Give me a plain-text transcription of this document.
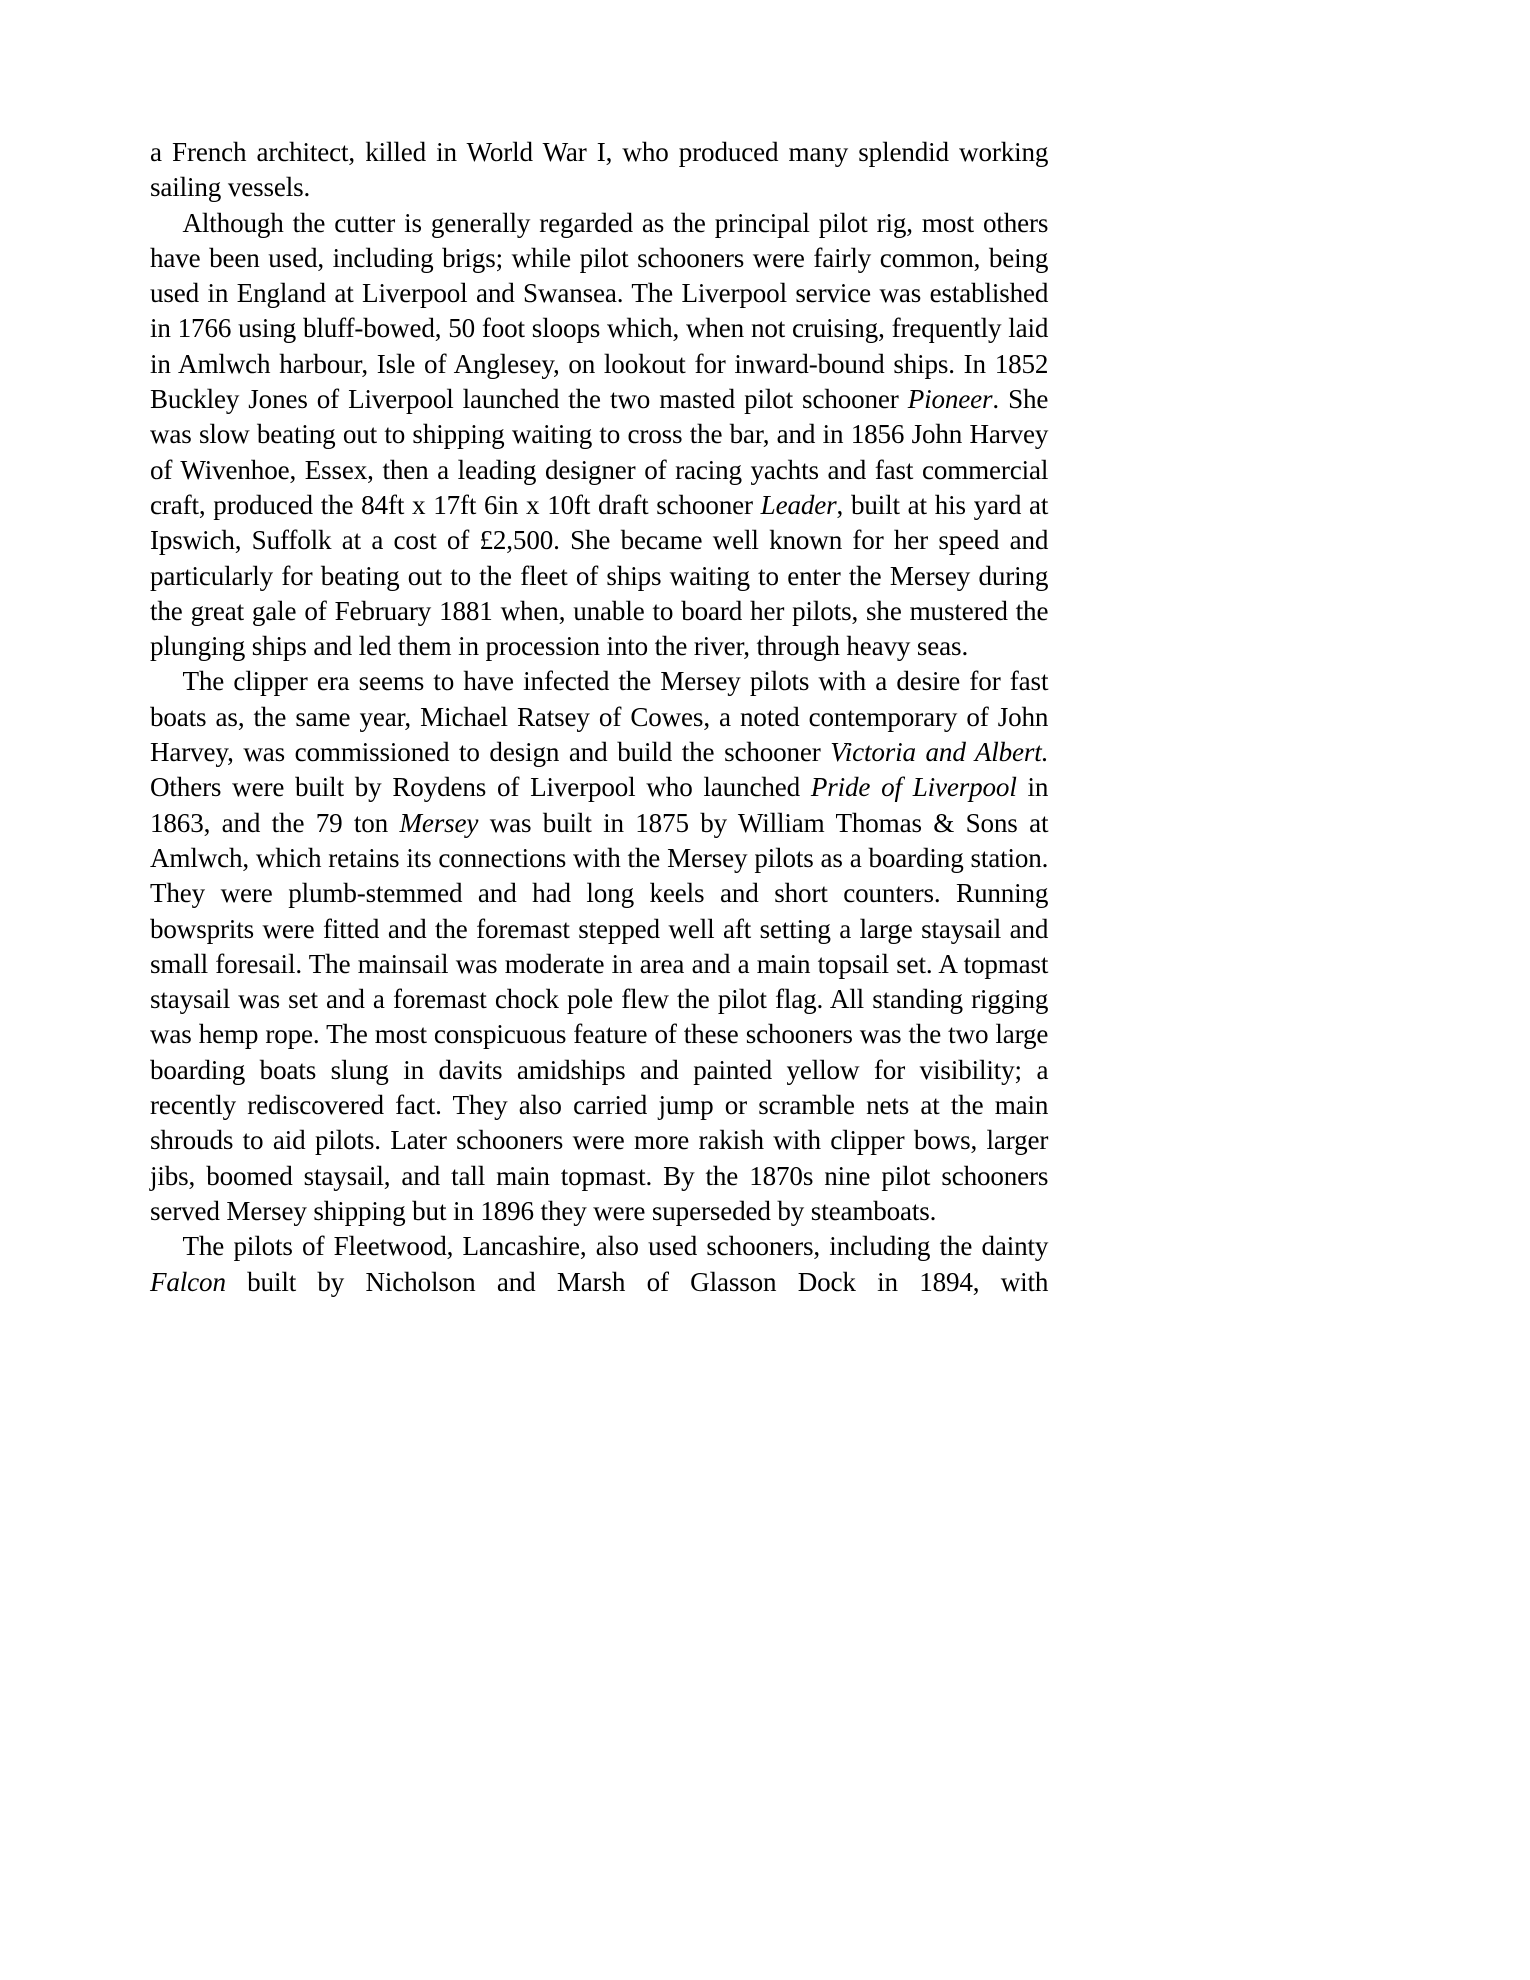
a French architect, killed in World War I, who produced many splendid working sailing vessels.

Although the cutter is generally regarded as the principal pilot rig, most others have been used, including brigs; while pilot schooners were fairly common, being used in England at Liverpool and Swansea. The Liverpool service was established in 1766 using bluff-bowed, 50 foot sloops which, when not cruising, frequently laid in Amlwch harbour, Isle of Anglesey, on lookout for inward-bound ships. In 1852 Buckley Jones of Liverpool launched the two masted pilot schooner Pioneer. She was slow beating out to shipping waiting to cross the bar, and in 1856 John Harvey of Wivenhoe, Essex, then a leading designer of racing yachts and fast commercial craft, produced the 84ft x 17ft 6in x 10ft draft schooner Leader, built at his yard at Ipswich, Suffolk at a cost of £2,500. She became well known for her speed and particularly for beating out to the fleet of ships waiting to enter the Mersey during the great gale of February 1881 when, unable to board her pilots, she mustered the plunging ships and led them in procession into the river, through heavy seas.

The clipper era seems to have infected the Mersey pilots with a desire for fast boats as, the same year, Michael Ratsey of Cowes, a noted contemporary of John Harvey, was commissioned to design and build the schooner Victoria and Albert. Others were built by Roydens of Liverpool who launched Pride of Liverpool in 1863, and the 79 ton Mersey was built in 1875 by William Thomas & Sons at Amlwch, which retains its connections with the Mersey pilots as a boarding station. They were plumb-stemmed and had long keels and short counters. Running bowsprits were fitted and the foremast stepped well aft setting a large staysail and small foresail. The mainsail was moderate in area and a main topsail set. A topmast staysail was set and a foremast chock pole flew the pilot flag. All standing rigging was hemp rope. The most conspicuous feature of these schooners was the two large boarding boats slung in davits amidships and painted yellow for visibility; a recently rediscovered fact. They also carried jump or scramble nets at the main shrouds to aid pilots. Later schooners were more rakish with clipper bows, larger jibs, boomed staysail, and tall main topmast. By the 1870s nine pilot schooners served Mersey shipping but in 1896 they were superseded by steamboats.

The pilots of Fleetwood, Lancashire, also used schooners, including the dainty Falcon built by Nicholson and Marsh of Glasson Dock in 1894, with
